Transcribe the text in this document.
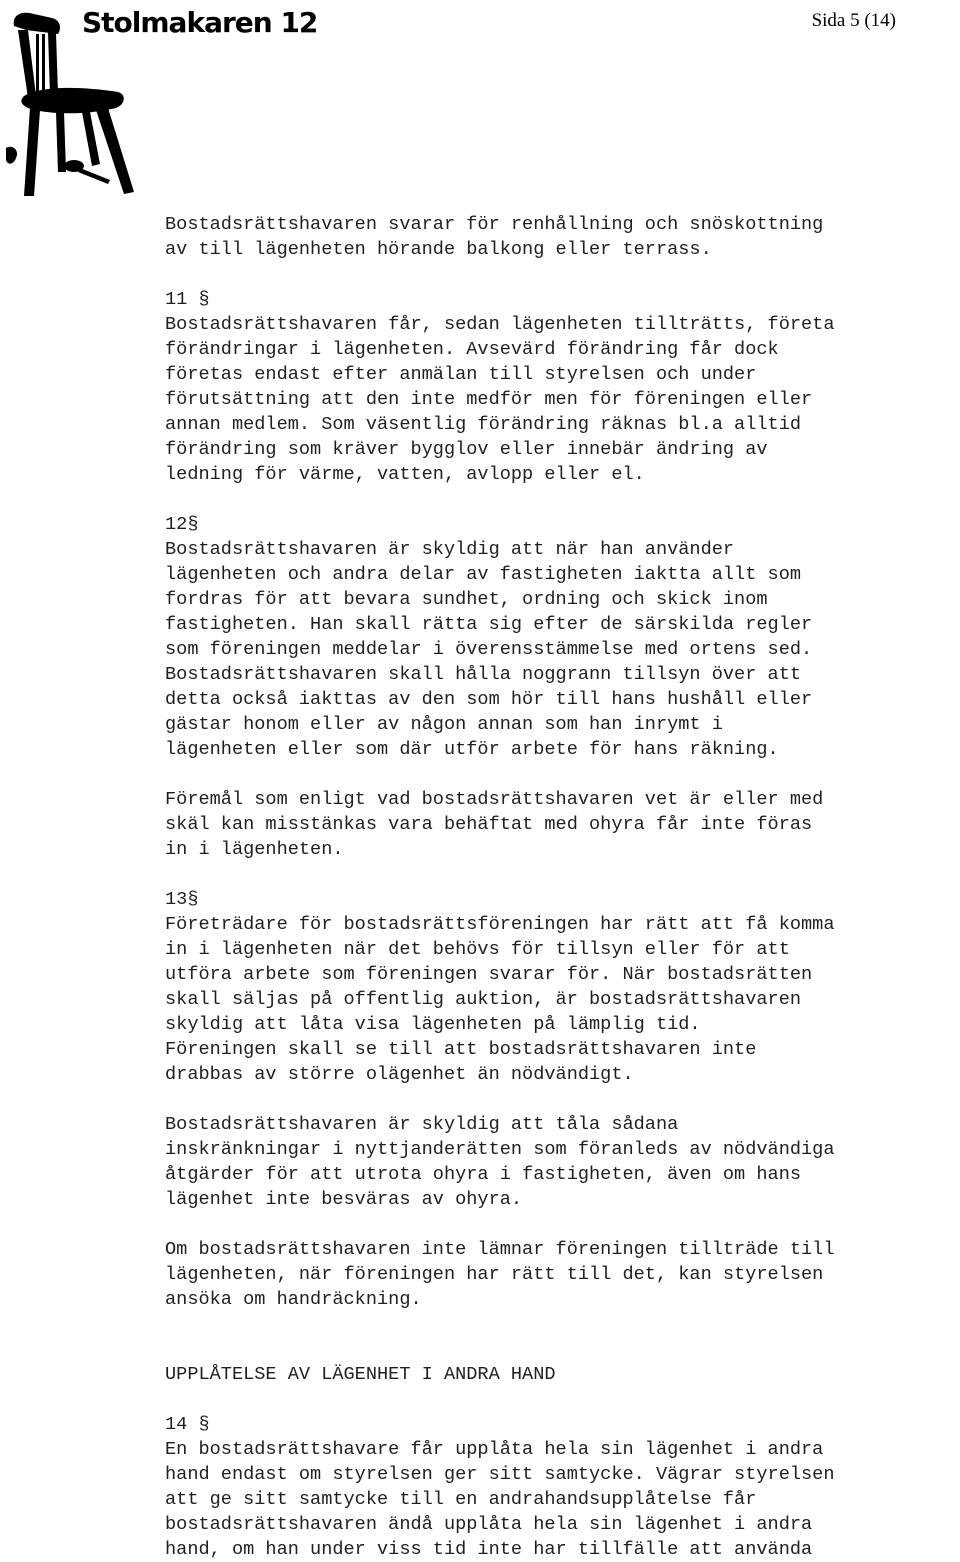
Stolmakaren 12	Sida 5 (14)
Bostadsrättshavaren svarar för renhållning och snöskottning
av till lägenheten hörande balkong eller terrass.
11 §
Bostadsrättshavaren får, sedan lägenheten tillträtts, företa
förändringar i lägenheten. Avsevärd förändring får dock
företas endast efter anmälan till styrelsen och under
förutsättning att den inte medför men för föreningen eller
annan medlem. Som väsentlig förändring räknas bl.a alltid
förändring som kräver bygglov eller innebär ändring av
ledning för värme, vatten, avlopp eller el.
12§
Bostadsrättshavaren är skyldig att när han använder
lägenheten och andra delar av fastigheten iaktta allt som
fordras för att bevara sundhet, ordning och skick inom
fastigheten. Han skall rätta sig efter de särskilda regler
som föreningen meddelar i överensstämmelse med ortens sed.
Bostadsrättshavaren skall hålla noggrann tillsyn över att
detta också iakttas av den som hör till hans hushåll eller
gästar honom eller av någon annan som han inrymt i
lägenheten eller som där utför arbete för hans räkning.
Föremål som enligt vad bostadsrättshavaren vet är eller med
skäl kan misstänkas vara behäftat med ohyra får inte föras
in i lägenheten.
13§
Företrädare för bostadsrättsföreningen har rätt att få komma
in i lägenheten när det behövs för tillsyn eller för att
utföra arbete som föreningen svarar för. När bostadsrätten
skall säljas på offentlig auktion, är bostadsrättshavaren
skyldig att låta visa lägenheten på lämplig tid.
Föreningen skall se till att bostadsrättshavaren inte
drabbas av större olägenhet än nödvändigt.
Bostadsrättshavaren är skyldig att tåla sådana
inskränkningar i nyttjanderätten som föranleds av nödvändiga
åtgärder för att utrota ohyra i fastigheten, även om hans
lägenhet inte besväras av ohyra.
Om bostadsrättshavaren inte lämnar föreningen tillträde till
lägenheten, när föreningen har rätt till det, kan styrelsen
ansöka om handräckning.
UPPLÅTELSE AV LÄGENHET I ANDRA HAND
14 §
En bostadsrättshavare får upplåta hela sin lägenhet i andra
hand endast om styrelsen ger sitt samtycke. Vägrar styrelsen
att ge sitt samtycke till en andrahandsupplåtelse får
bostadsrättshavaren ändå upplåta hela sin lägenhet i andra
hand, om han under viss tid inte har tillfälle att använda
